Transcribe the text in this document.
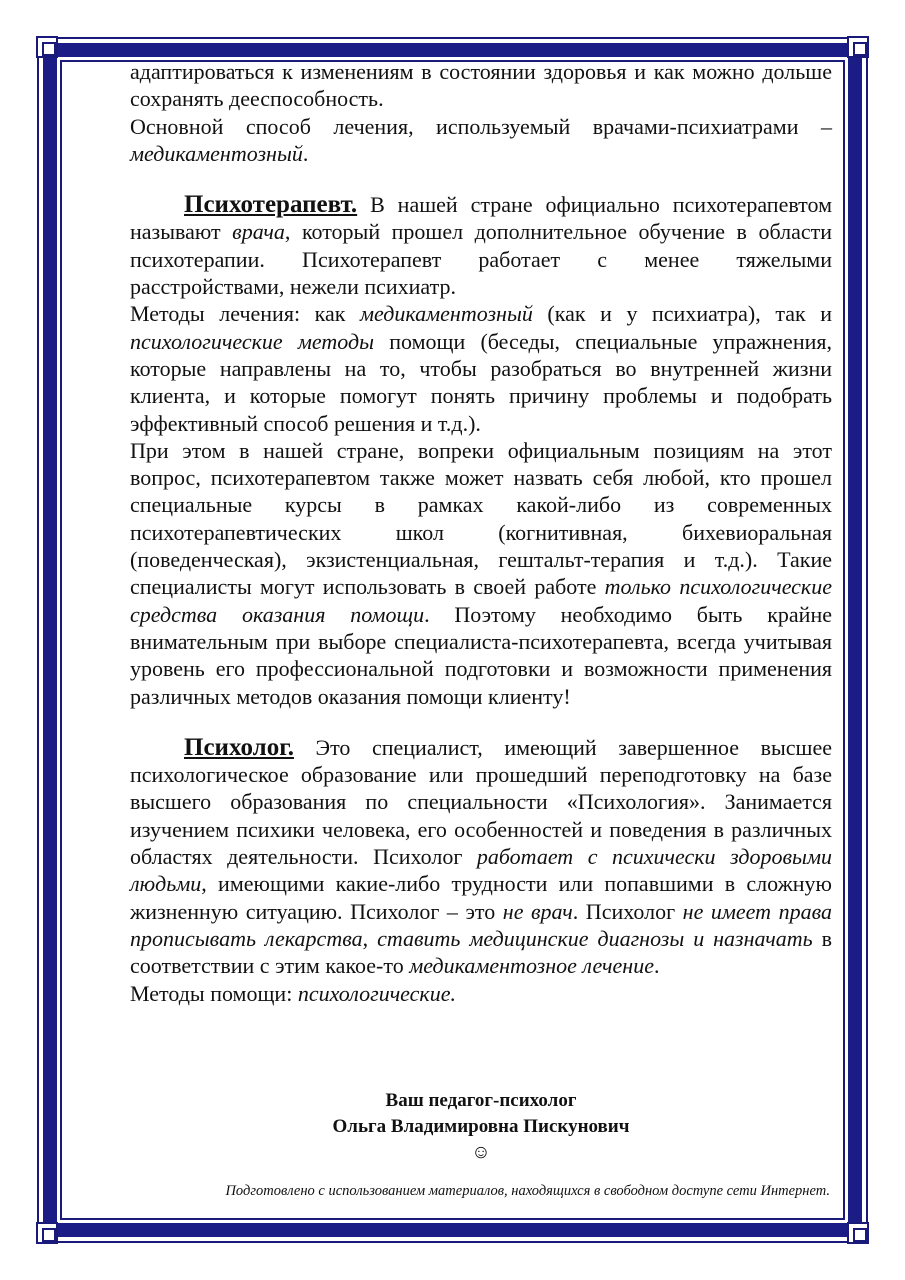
адаптироваться к изменениям в состоянии здоровья и как можно дольше сохранять дееспособность.

Основной способ лечения, используемый врачами-психиатрами – медикаментозный.

Психотерапевт. В нашей стране официально психотерапевтом называют врача, который прошел дополнительное обучение в области психотерапии. Психотерапевт работает с менее тяжелыми расстройствами, нежели психиатр.

Методы лечения: как медикаментозный (как и у психиатра), так и психологические методы помощи (беседы, специальные упражнения, которые направлены на то, чтобы разобраться во внутренней жизни клиента, и которые помогут понять причину проблемы и подобрать эффективный способ решения и т.д.).

При этом в нашей стране, вопреки официальным позициям на этот вопрос, психотерапевтом также может назвать себя любой, кто прошел специальные курсы в рамках какой-либо из современных психотерапевтических школ (когнитивная, бихевиоральная (поведенческая), экзистенциальная, гештальт-терапия и т.д.). Такие специалисты могут использовать в своей работе только психологические средства оказания помощи. Поэтому необходимо быть крайне внимательным при выборе специалиста-психотерапевта, всегда учитывая уровень его профессиональной подготовки и возможности применения различных методов оказания помощи клиенту!

Психолог. Это специалист, имеющий завершенное высшее психологическое образование или прошедший переподготовку на базе высшего образования по специальности «Психология». Занимается изучением психики человека, его особенностей и поведения в различных областях деятельности. Психолог работает с психически здоровыми людьми, имеющими какие-либо трудности или попавшими в сложную жизненную ситуацию. Психолог – это не врач. Психолог не имеет права прописывать лекарства, ставить медицинские диагнозы и назначать в соответствии с этим какое-то медикаментозное лечение.

Методы помощи: психологические.

Ваш педагог-психолог
Ольга Владимировна Пискунович
☺
Подготовлено с использованием материалов, находящихся в свободном доступе сети Интернет.
